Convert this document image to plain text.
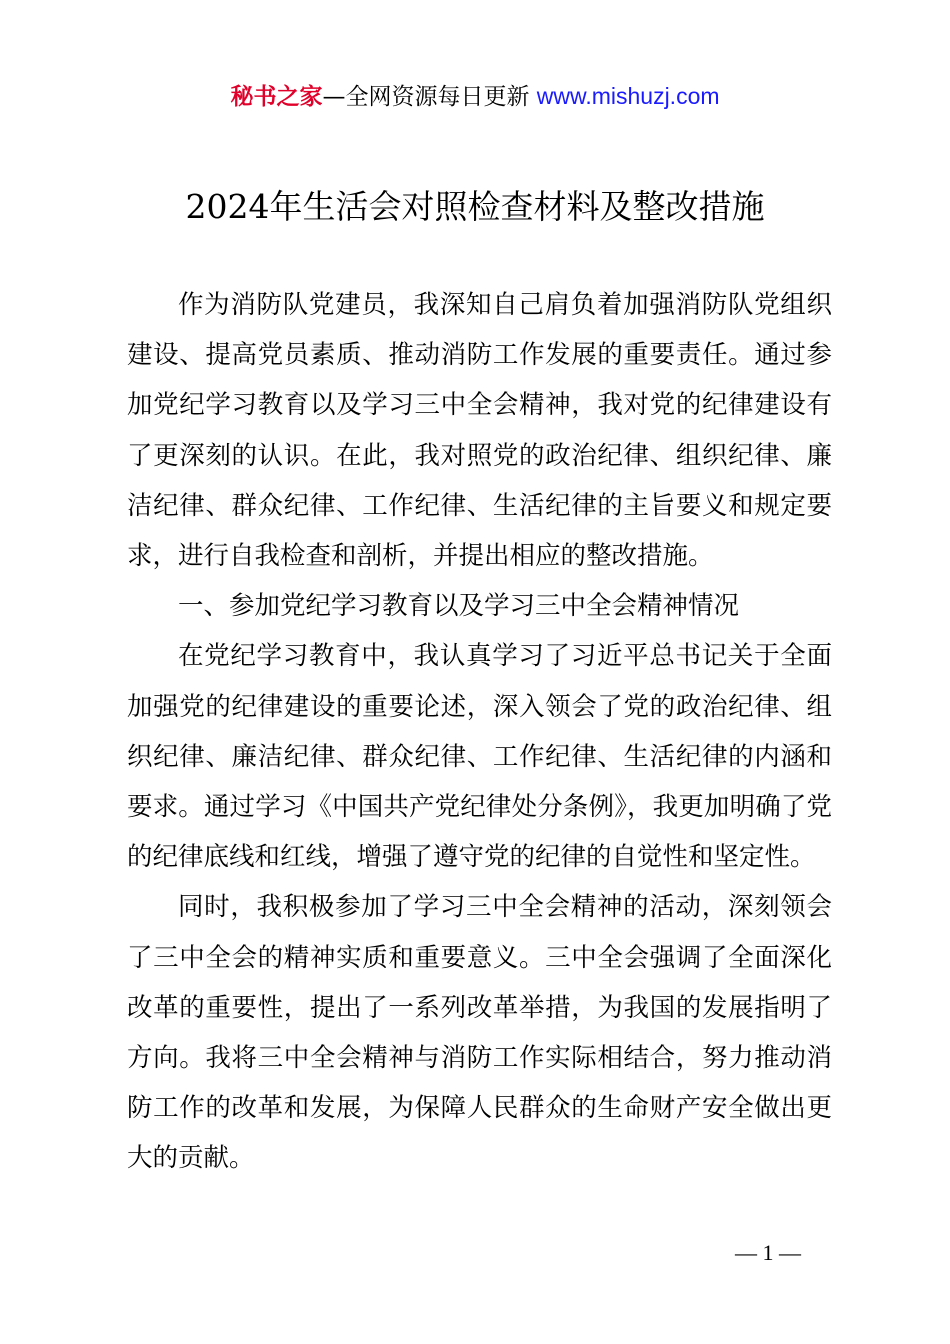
秘书之家—全网资源每日更新 www.mishuzj.com
2024年生活会对照检查材料及整改措施

作为消防队党建员，我深知自己肩负着加强消防队党组织建设、提高党员素质、推动消防工作发展的重要责任。通过参加党纪学习教育以及学习三中全会精神，我对党的纪律建设有了更深刻的认识。在此，我对照党的政治纪律、组织纪律、廉洁纪律、群众纪律、工作纪律、生活纪律的主旨要义和规定要求，进行自我检查和剖析，并提出相应的整改措施。

一、参加党纪学习教育以及学习三中全会精神情况

在党纪学习教育中，我认真学习了习近平总书记关于全面加强党的纪律建设的重要论述，深入领会了党的政治纪律、组织纪律、廉洁纪律、群众纪律、工作纪律、生活纪律的内涵和要求。通过学习《中国共产党纪律处分条例》，我更加明确了党的纪律底线和红线，增强了遵守党的纪律的自觉性和坚定性。

同时，我积极参加了学习三中全会精神的活动，深刻领会了三中全会的精神实质和重要意义。三中全会强调了全面深化改革的重要性，提出了一系列改革举措，为我国的发展指明了方向。我将三中全会精神与消防工作实际相结合，努力推动消防工作的改革和发展，为保障人民群众的生命财产安全做出更大的贡献。

— 1 —
